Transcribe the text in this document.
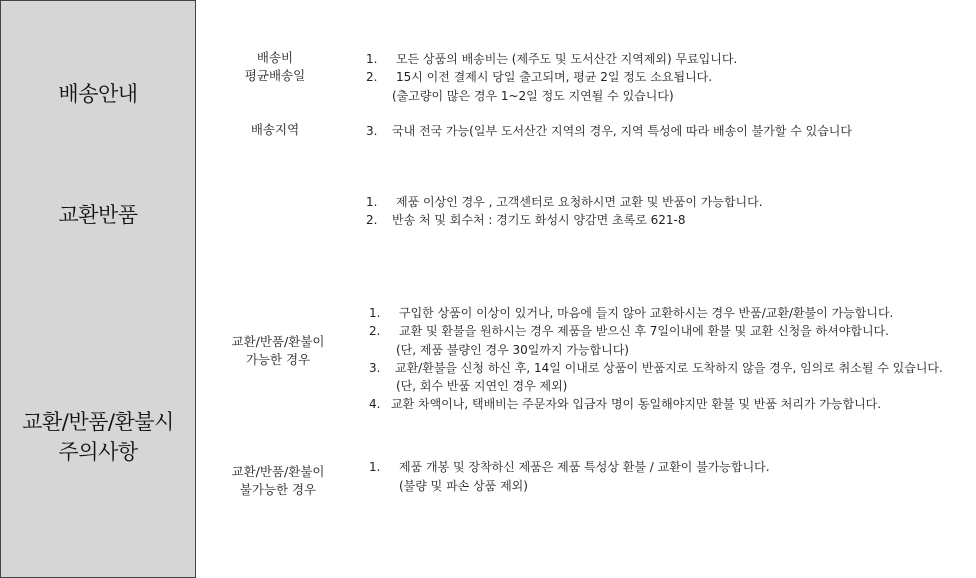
배송안내
교환반품
교환/반품/환불시
주의사항
배송비
평균배송일
1. 모든 상품의 배송비는 (제주도 및 도서산간 지역제외) 무료입니다.
2. 15시 이전 결제시 당일 출고되며, 평균 2일 정도 소요됩니다.
(출고량이 많은 경우 1~2일 정도 지연될 수 있습니다)
배송지역	3. 국내 전국 가능(일부 도서산간 지역의 경우, 지역 특성에 따라 배송이 불가할 수 있습니다
1. 제품 이상인 경우 , 고객센터로 요청하시면 교환 및 반품이 가능합니다.
2. 반송 처 및 회수처 : 경기도 화성시 양감면 초록로 621-8
교환/반품/환불이
가능한 경우
1. 구입한 상품이 이상이 있거나, 마음에 들지 않아 교환하시는 경우 반품/교환/환불이 가능합니다.
2. 교환 및 환불을 원하시는 경우 제품을 받으신 후 7일이내에 환불 및 교환 신청을 하셔야합니다.
(단, 제품 불량인 경우 30일까지 가능합니다)
3. 교환/환불을 신청 하신 후, 14일 이내로 상품이 반품지로 도착하지 않을 경우, 임의로 취소될 수 있습니다.
(단, 회수 반품 지연인 경우 제외)
4. 교환 차액이나, 택배비는 주문자와 입금자 명이 동일해야지만 환불 및 반품 처리가 가능합니다.
교환/반품/환불이
불가능한 경우
1. 제품 개봉 및 장착하신 제품은 제품 특성상 환불 / 교환이 불가능합니다.
(불량 및 파손 상품 제외)
